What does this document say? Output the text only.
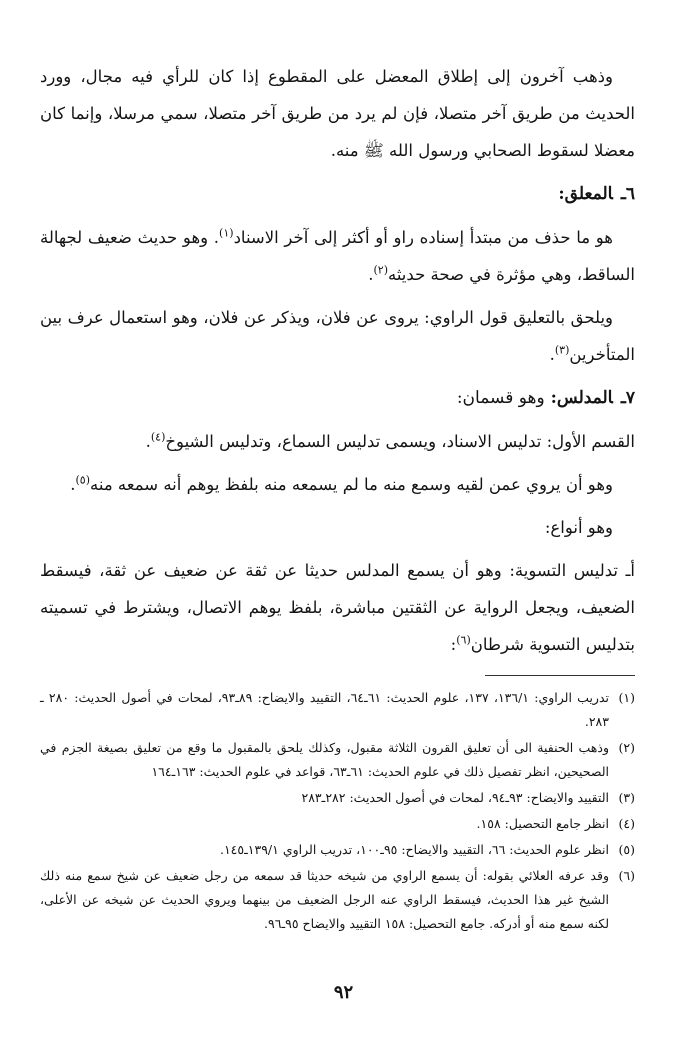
وذهب آخرون إلى إطلاق المعضل على المقطوع إذا كان للرأي فيه مجال، وورد الحديث من طريق آخر متصلا، فإن لم يرد من طريق آخر متصلا، سمي مرسلا، وإنما كان معضلا لسقوط الصحابي ورسول الله ﷺ منه.

٦ـالمعلق:

هو ما حذف من مبتدأ إسناده راو أو أكثر إلى آخر الاسناد$^{(١)}$. وهو حديث ضعيف لجهالة الساقط، وهي مؤثرة في صحة حديثه$^{(٢)}$.

ويلحق بالتعليق قول الراوي: يروى عن فلان، ويذكر عن فلان، وهو استعمال عرف بين المتأخرين$^{(٣)}$.

٧ـالمدلس: وهو قسمان:

القسم الأول: تدليس الاسناد، ويسمى تدليس السماع، وتدليس الشيوخ$^{(٤)}$.

وهو أن يروي عمن لقيه وسمع منه ما لم يسمعه منه بلفظ يوهم أنه سمعه منه$^{(٥)}$.

وهو أنواع:

أـ تدليس التسوية: وهو أن يسمع المدلس حديثا عن ثقة عن ضعيف عن ثقة، فيسقط الضعيف، ويجعل الرواية عن الثقتين مباشرة، بلفظ يوهم الاتصال، ويشترط في تسميته بتدليس التسوية شرطان$^{(٦)}$:

(١)
تدريب الراوي: ١٣٦/١، ١٣٧، علوم الحديث: ٦١ـ٦٤، التقييد والايضاح: ٨٩ـ٩٣، لمحات في أصول الحديث: ٢٨٠ ـ ٢٨٣.

(٢)
وذهب الحنفية الى أن تعليق القرون الثلاثة مقبول، وكذلك يلحق بالمقبول ما وقع من تعليق بصيغة الجزم في الصحيحين، انظر تفصيل ذلك في علوم الحديث: ٦١ـ٦٣، قواعد في علوم الحديث: ١٦٣ـ١٦٤

(٣)
التقييد والايضاح: ٩٣ـ٩٤، لمحات في أصول الحديث: ٢٨٢ـ٢٨٣

(٤)
انظر جامع التحصيل: ١٥٨.

(٥)
انظر علوم الحديث: ٦٦، التقييد والايضاح: ٩٥ـ١٠٠، تدريب الراوي ١٣٩/١ـ١٤٥.

(٦)
وقد عرفه العلائي بقوله: أن يسمع الراوي من شيخه حديثا قد سمعه من رجل ضعيف عن شيخ سمع منه ذلك الشيخ غير هذا الحديث، فيسقط الراوي عنه الرجل الضعيف من بينهما ويروي الحديث عن شيخه عن الأعلى، لكنه سمع منه أو أدركه. جامع التحصيل: ١٥٨ التقييد والايضاح ٩٥ـ٩٦.

٩٢
